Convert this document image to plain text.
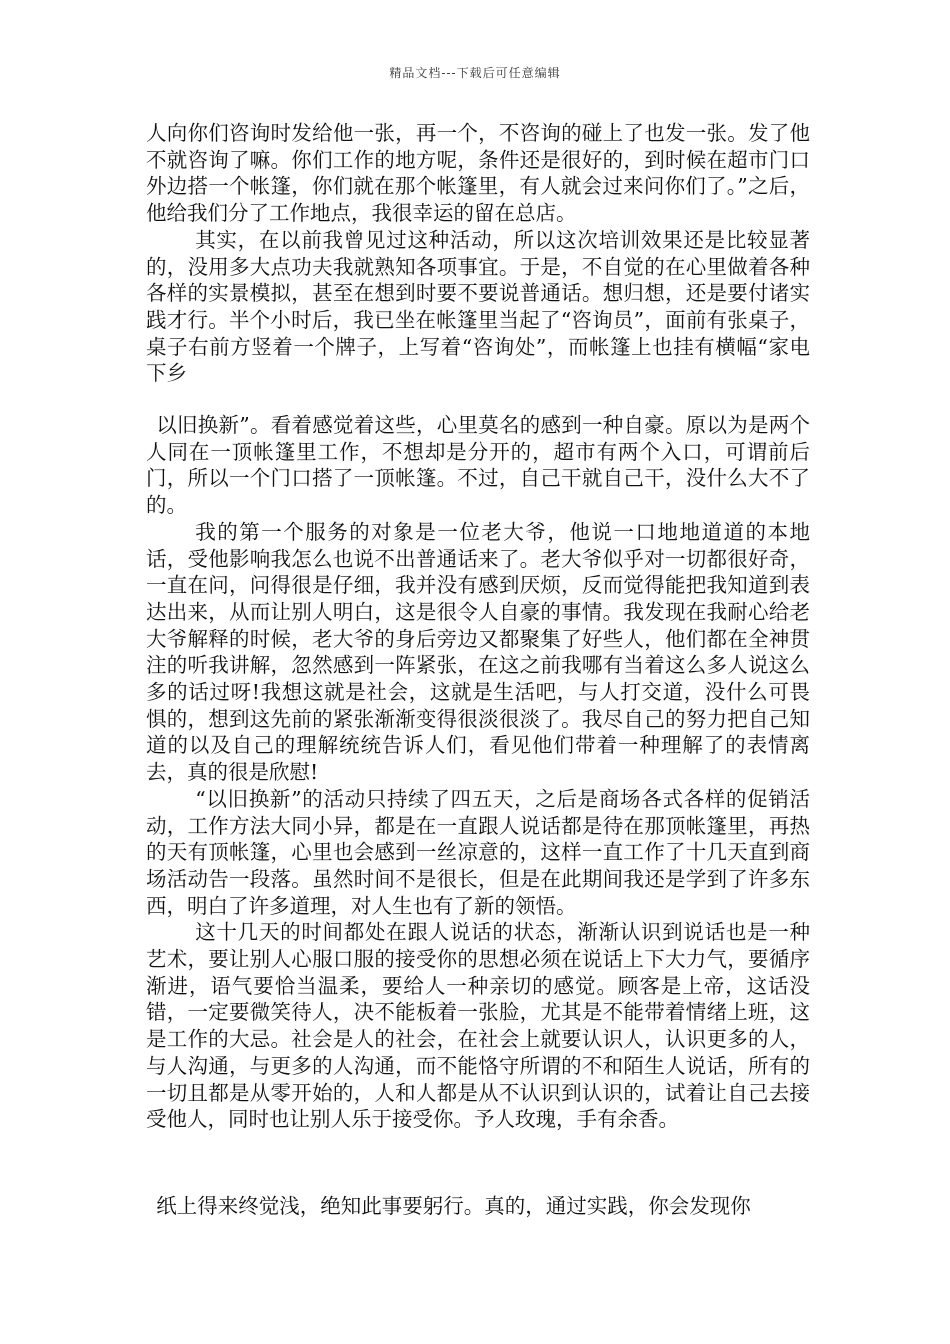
精品文档---下载后可任意编辑

人向你们咨询时发给他一张，再一个，不咨询的碰上了也发一张。发了他不就咨询了嘛。你们工作的地方呢，条件还是很好的，到时候在超市门口外边搭一个帐篷，你们就在那个帐篷里，有人就会过来问你们了。”之后，他给我们分了工作地点，我很幸运的留在总店。

其实，在以前我曾见过这种活动，所以这次培训效果还是比较显著的，没用多大点功夫我就熟知各项事宜。于是，不自觉的在心里做着各种各样的实景模拟，甚至在想到时要不要说普通话。想归想，还是要付诸实践才行。半个小时后，我已坐在帐篷里当起了“咨询员”，面前有张桌子，桌子右前方竖着一个牌子，上写着“咨询处”，而帐篷上也挂有横幅“家电下乡

以旧换新”。看着感觉着这些，心里莫名的感到一种自豪。原以为是两个人同在一顶帐篷里工作，不想却是分开的，超市有两个入口，可谓前后门，所以一个门口搭了一顶帐篷。不过，自己干就自己干，没什么大不了的。

我的第一个服务的对象是一位老大爷，他说一口地地道道的本地话，受他影响我怎么也说不出普通话来了。老大爷似乎对一切都很好奇，一直在问，问得很是仔细，我并没有感到厌烦，反而觉得能把我知道到表达出来，从而让别人明白，这是很令人自豪的事情。我发现在我耐心给老大爷解释的时候，老大爷的身后旁边又都聚集了好些人，他们都在全神贯注的听我讲解，忽然感到一阵紧张，在这之前我哪有当着这么多人说这么多的话过呀!我想这就是社会，这就是生活吧，与人打交道，没什么可畏惧的，想到这先前的紧张渐渐变得很淡很淡了。我尽自己的努力把自己知道的以及自己的理解统统告诉人们，看见他们带着一种理解了的表情离去，真的很是欣慰!

“以旧换新”的活动只持续了四五天，之后是商场各式各样的促销活动，工作方法大同小异，都是在一直跟人说话都是待在那顶帐篷里，再热的天有顶帐篷，心里也会感到一丝凉意的，这样一直工作了十几天直到商场活动告一段落。虽然时间不是很长，但是在此期间我还是学到了许多东西，明白了许多道理，对人生也有了新的领悟。

这十几天的时间都处在跟人说话的状态，渐渐认识到说话也是一种艺术，要让别人心服口服的接受你的思想必须在说话上下大力气，要循序渐进，语气要恰当温柔，要给人一种亲切的感觉。顾客是上帝，这话没错，一定要微笑待人，决不能板着一张脸，尤其是不能带着情绪上班，这是工作的大忌。社会是人的社会，在社会上就要认识人，认识更多的人，与人沟通，与更多的人沟通，而不能恪守所谓的不和陌生人说话，所有的一切且都是从零开始的，人和人都是从不认识到认识的，试着让自己去接受他人，同时也让别人乐于接受你。予人玫瑰，手有余香。

纸上得来终觉浅，绝知此事要躬行。真的，通过实践，你会发现你
